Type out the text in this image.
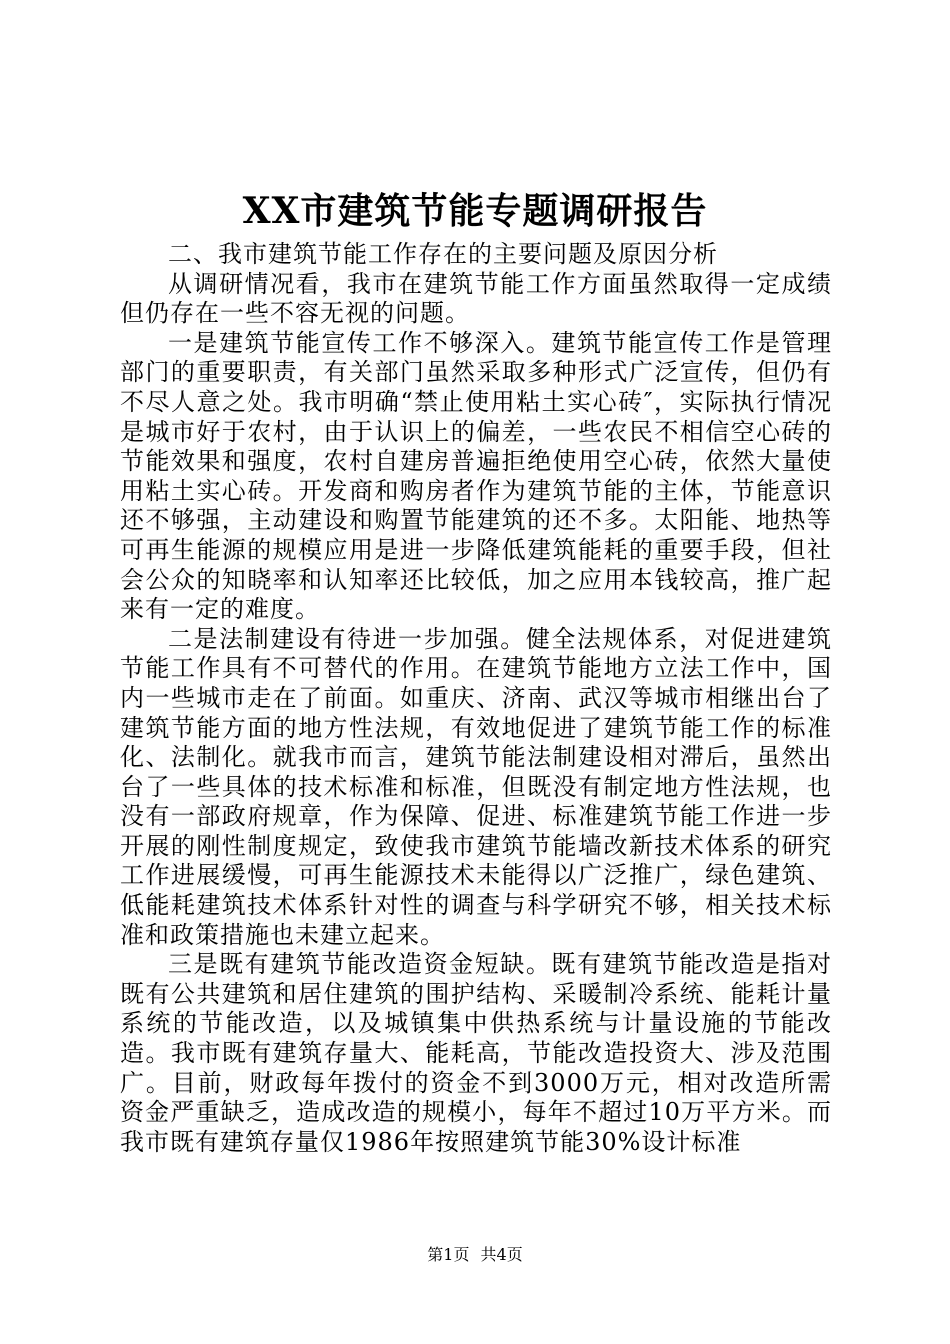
XX市建筑节能专题调研报告

二、我市建筑节能工作存在的主要问题及原因分析

从调研情况看，我市在建筑节能工作方面虽然取得一定成绩但仍存在一些不容无视的问题。

一是建筑节能宣传工作不够深入。建筑节能宣传工作是管理部门的重要职责，有关部门虽然采取多种形式广泛宣传，但仍有不尽人意之处。我市明确“禁止使用粘土实心砖″，实际执行情况是城市好于农村，由于认识上的偏差，一些农民不相信空心砖的节能效果和强度，农村自建房普遍拒绝使用空心砖，依然大量使用粘土实心砖。开发商和购房者作为建筑节能的主体，节能意识还不够强，主动建设和购置节能建筑的还不多。太阳能、地热等可再生能源的规模应用是进一步降低建筑能耗的重要手段，但社会公众的知晓率和认知率还比较低，加之应用本钱较高，推广起来有一定的难度。

二是法制建设有待进一步加强。健全法规体系，对促进建筑节能工作具有不可替代的作用。在建筑节能地方立法工作中，国内一些城市走在了前面。如重庆、济南、武汉等城市相继出台了建筑节能方面的地方性法规，有效地促进了建筑节能工作的标准化、法制化。就我市而言，建筑节能法制建设相对滞后，虽然出台了一些具体的技术标准和标准，但既没有制定地方性法规，也没有一部政府规章，作为保障、促进、标准建筑节能工作进一步开展的刚性制度规定，致使我市建筑节能墙改新技术体系的研究工作进展缓慢，可再生能源技术未能得以广泛推广，绿色建筑、低能耗建筑技术体系针对性的调查与科学研究不够，相关技术标准和政策措施也未建立起来。

三是既有建筑节能改造资金短缺。既有建筑节能改造是指对既有公共建筑和居住建筑的围护结构、采暖制冷系统、能耗计量系统的节能改造，以及城镇集中供热系统与计量设施的节能改造。我市既有建筑存量大、能耗高，节能改造投资大、涉及范围广。目前，财政每年拨付的资金不到3000万元，相对改造所需资金严重缺乏，造成改造的规模小，每年不超过10万平方米。而我市既有建筑存量仅1986年按照建筑节能30%设计标准

第1页 共4页
